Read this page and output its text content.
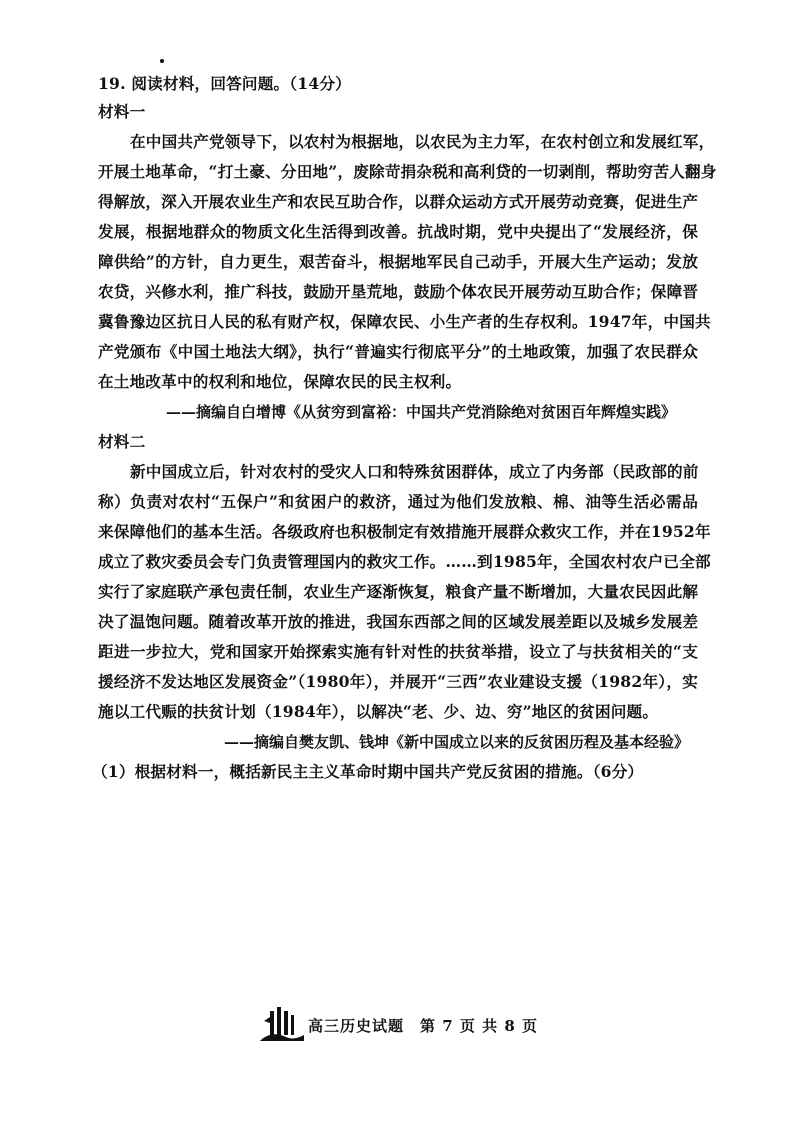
19. 阅读材料，回答问题。（14分）
材料一
在中国共产党领导下，以农村为根据地，以农民为主力军，在农村创立和发展红军，
开展土地革命，“打土豪、分田地”，废除苛捐杂税和高利贷的一切剥削，帮助穷苦人翻身
得解放，深入开展农业生产和农民互助合作，以群众运动方式开展劳动竞赛，促进生产
发展，根据地群众的物质文化生活得到改善。抗战时期，党中央提出了“发展经济，保
障供给”的方针，自力更生，艰苦奋斗，根据地军民自己动手，开展大生产运动；发放
农贷，兴修水利，推广科技，鼓励开垦荒地，鼓励个体农民开展劳动互助合作；保障晋
冀鲁豫边区抗日人民的私有财产权，保障农民、小生产者的生存权利。1947年，中国共
产党颁布《中国土地法大纲》，执行“普遍实行彻底平分”的土地政策，加强了农民群众
在土地改革中的权利和地位，保障农民的民主权利。
——摘编自白增博《从贫穷到富裕：中国共产党消除绝对贫困百年辉煌实践》
材料二
新中国成立后，针对农村的受灾人口和特殊贫困群体，成立了内务部（民政部的前
称）负责对农村“五保户”和贫困户的救济，通过为他们发放粮、棉、油等生活必需品
来保障他们的基本生活。各级政府也积极制定有效措施开展群众救灾工作，并在1952年
成立了救灾委员会专门负责管理国内的救灾工作。……到1985年，全国农村农户已全部
实行了家庭联产承包责任制，农业生产逐渐恢复，粮食产量不断增加，大量农民因此解
决了温饱问题。随着改革开放的推进，我国东西部之间的区域发展差距以及城乡发展差
距进一步拉大，党和国家开始探索实施有针对性的扶贫举措，设立了与扶贫相关的“支
援经济不发达地区发展资金”（1980年），并展开“三西”农业建设支援（1982年），实
施以工代赈的扶贫计划（1984年），以解决“老、少、边、穷”地区的贫困问题。
——摘编自樊友凯、钱坤《新中国成立以来的反贫困历程及基本经验》
（1）根据材料一，概括新民主主义革命时期中国共产党反贫困的措施。（6分）
高三历史试题　第 7 页 共 8 页
